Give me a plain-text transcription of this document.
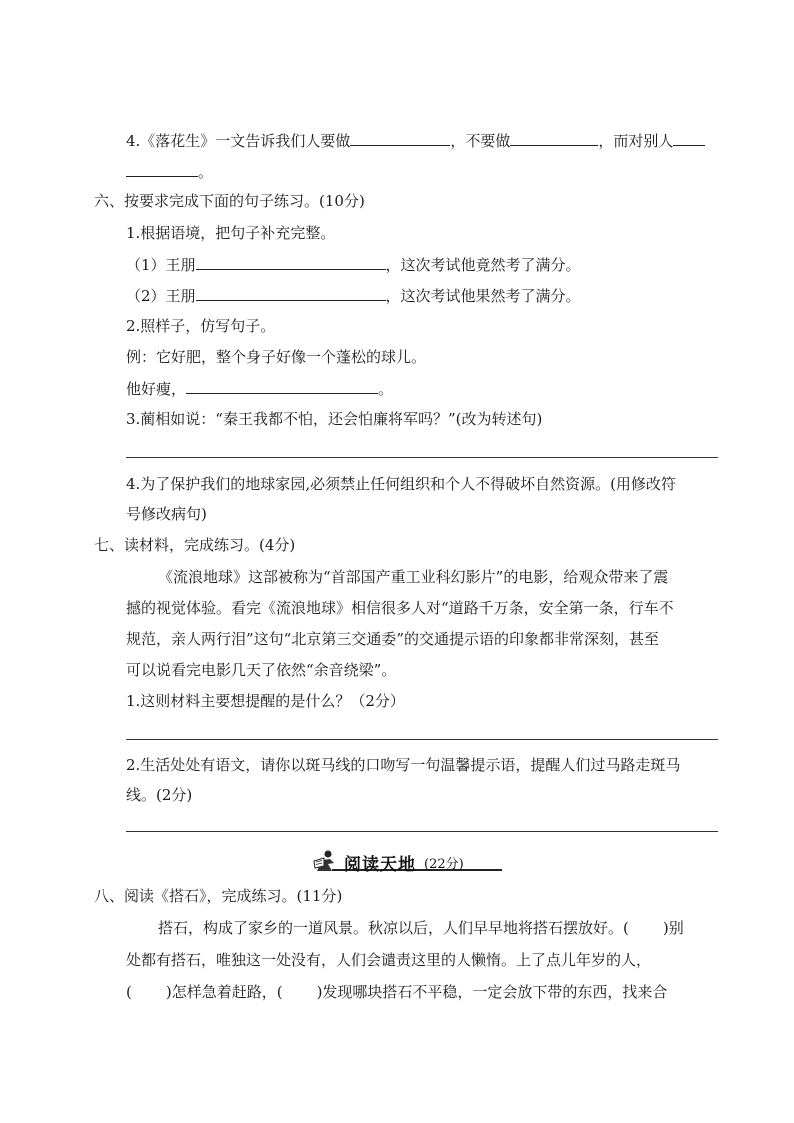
4.《落花生》一文告诉我们人要做	，不要做	，而对别人
。
六、按要求完成下面的句子练习。(10分)
1.根据语境，把句子补充完整。
（1）王朋	，这次考试他竟然考了满分。
（2）王朋	，这次考试他果然考了满分。
2.照样子，仿写句子。
例：它好肥，整个身子好像一个蓬松的球儿。
他好瘦，	。
3.蔺相如说：“秦王我都不怕，还会怕廉将军吗？”(改为转述句)
4.为了保护我们的地球家园,必须禁止任何组织和个人不得破坏自然资源。(用修改符
号修改病句)
七、读材料，完成练习。(4分)
《流浪地球》这部被称为“首部国产重工业科幻影片”的电影，给观众带来了震
撼的视觉体验。看完《流浪地球》相信很多人对“道路千万条，安全第一条，行车不
规范，亲人两行泪”这句“北京第三交通委”的交通提示语的印象都非常深刻，甚至
可以说看完电影几天了依然“余音绕梁”。
1.这则材料主要想提醒的是什么？（2分）
2.生活处处有语文，请你以斑马线的口吻写一句温馨提示语，提醒人们过马路走斑马
线。(2分)
阅读天地 (22分)
八、阅读《搭石》，完成练习。(11分)
搭石，构成了家乡的一道风景。秋凉以后，人们早早地将搭石摆放好。( )别
处都有搭石，唯独这一处没有，人们会谴责这里的人懒惰。上了点儿年岁的人，
( )怎样急着赶路，( )发现哪块搭石不平稳，一定会放下带的东西，找来合
